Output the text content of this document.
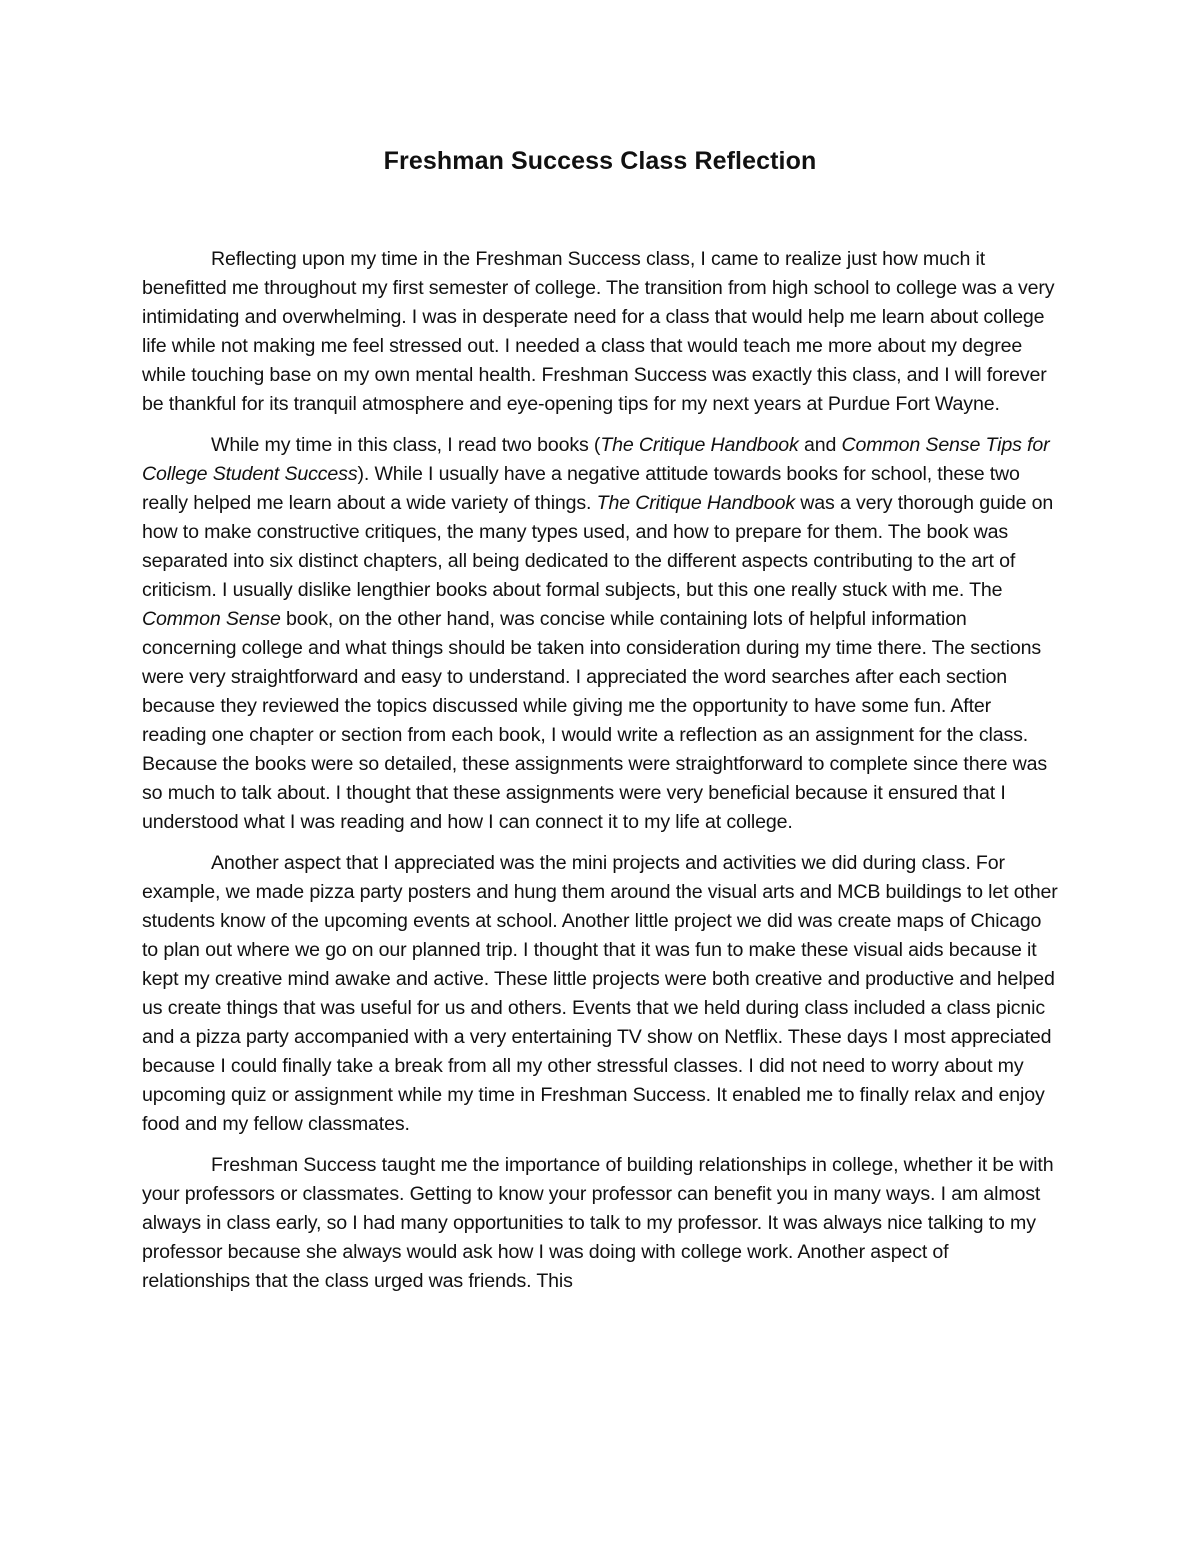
Freshman Success Class Reflection

Reflecting upon my time in the Freshman Success class, I came to realize just how much it benefitted me throughout my first semester of college. The transition from high school to college was a very intimidating and overwhelming. I was in desperate need for a class that would help me learn about college life while not making me feel stressed out. I needed a class that would teach me more about my degree while touching base on my own mental health. Freshman Success was exactly this class, and I will forever be thankful for its tranquil atmosphere and eye-opening tips for my next years at Purdue Fort Wayne.

While my time in this class, I read two books (The Critique Handbook and Common Sense Tips for College Student Success). While I usually have a negative attitude towards books for school, these two really helped me learn about a wide variety of things. The Critique Handbook was a very thorough guide on how to make constructive critiques, the many types used, and how to prepare for them. The book was separated into six distinct chapters, all being dedicated to the different aspects contributing to the art of criticism. I usually dislike lengthier books about formal subjects, but this one really stuck with me. The Common Sense book, on the other hand, was concise while containing lots of helpful information concerning college and what things should be taken into consideration during my time there. The sections were very straightforward and easy to understand. I appreciated the word searches after each section because they reviewed the topics discussed while giving me the opportunity to have some fun. After reading one chapter or section from each book, I would write a reflection as an assignment for the class. Because the books were so detailed, these assignments were straightforward to complete since there was so much to talk about. I thought that these assignments were very beneficial because it ensured that I understood what I was reading and how I can connect it to my life at college.

Another aspect that I appreciated was the mini projects and activities we did during class. For example, we made pizza party posters and hung them around the visual arts and MCB buildings to let other students know of the upcoming events at school. Another little project we did was create maps of Chicago to plan out where we go on our planned trip. I thought that it was fun to make these visual aids because it kept my creative mind awake and active. These little projects were both creative and productive and helped us create things that was useful for us and others. Events that we held during class included a class picnic and a pizza party accompanied with a very entertaining TV show on Netflix. These days I most appreciated because I could finally take a break from all my other stressful classes. I did not need to worry about my upcoming quiz or assignment while my time in Freshman Success. It enabled me to finally relax and enjoy food and my fellow classmates.

Freshman Success taught me the importance of building relationships in college, whether it be with your professors or classmates. Getting to know your professor can benefit you in many ways. I am almost always in class early, so I had many opportunities to talk to my professor. It was always nice talking to my professor because she always would ask how I was doing with college work. Another aspect of relationships that the class urged was friends. This
